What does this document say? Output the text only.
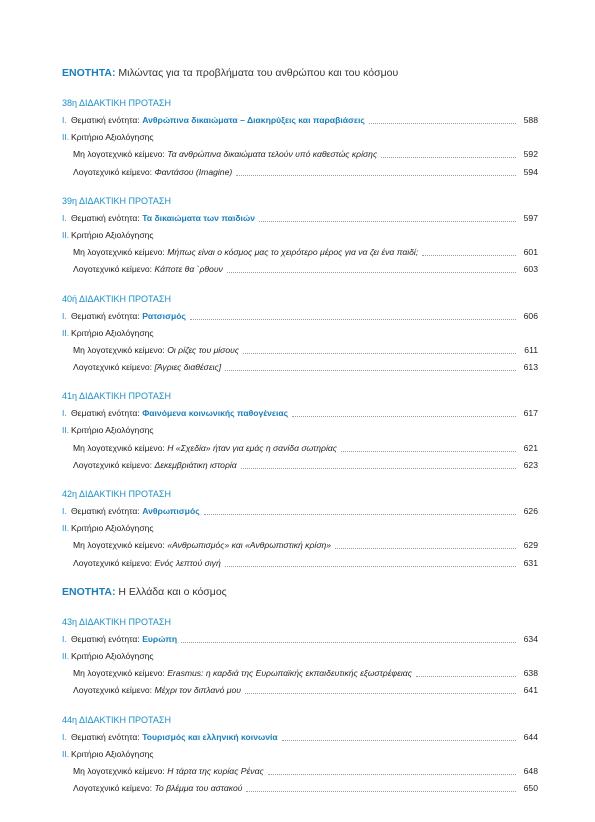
ΕΝΟΤΗΤΑ: Μιλώντας για τα προβλήματα του ανθρώπου και του κόσμου
38η ΔΙΔΑΚΤΙΚΗ ΠΡΟΤΑΣΗ
I. Θεματική ενότητα: Ανθρώπινα δικαιώματα – Διακηρύξεις και παραβιάσεις	588
II. Κριτήριο Αξιολόγησης
Μη λογοτεχνικό κείμενο: Τα ανθρώπινα δικαιώματα τελούν υπό καθεστώς κρίσης	592
Λογοτεχνικό κείμενο: Φαντάσου (Imagine)	594
39η ΔΙΔΑΚΤΙΚΗ ΠΡΟΤΑΣΗ
I. Θεματική ενότητα: Τα δικαιώματα των παιδιών	597
II. Κριτήριο Αξιολόγησης
Μη λογοτεχνικό κείμενο: Μήπως είναι ο κόσμος μας το χειρότερο μέρος για να ζει ένα παιδί;	601
Λογοτεχνικό κείμενο: Κάποτε θα `ρθουν	603
40ή ΔΙΔΑΚΤΙΚΗ ΠΡΟΤΑΣΗ
I. Θεματική ενότητα: Ρατσισμός	606
II. Κριτήριο Αξιολόγησης
Μη λογοτεχνικό κείμενο: Οι ρίζες του μίσους	611
Λογοτεχνικό κείμενο: [Άγριες διαθέσεις]	613
41η ΔΙΔΑΚΤΙΚΗ ΠΡΟΤΑΣΗ
I. Θεματική ενότητα: Φαινόμενα κοινωνικής παθογένειας	617
II. Κριτήριο Αξιολόγησης
Μη λογοτεχνικό κείμενο: Η «Σχεδία» ήταν για εμάς η σανίδα σωτηρίας	621
Λογοτεχνικό κείμενο: Δεκεμβριάτικη ιστορία	623
42η ΔΙΔΑΚΤΙΚΗ ΠΡΟΤΑΣΗ
I. Θεματική ενότητα: Ανθρωπισμός	626
II. Κριτήριο Αξιολόγησης
Μη λογοτεχνικό κείμενο: «Ανθρωπισμός» και «Ανθρωπιστική κρίση»	629
Λογοτεχνικό κείμενο: Ενός λεπτού σιγή	631
ΕΝΟΤΗΤΑ: Η Ελλάδα και ο κόσμος
43η ΔΙΔΑΚΤΙΚΗ ΠΡΟΤΑΣΗ
I. Θεματική ενότητα: Ευρώπη	634
II. Κριτήριο Αξιολόγησης
Μη λογοτεχνικό κείμενο: Erasmus: η καρδιά της Ευρωπαϊκής εκπαιδευτικής εξωστρέφειας	638
Λογοτεχνικό κείμενο: Μέχρι τον διπλανό μου	641
44η ΔΙΔΑΚΤΙΚΗ ΠΡΟΤΑΣΗ
I. Θεματική ενότητα: Τουρισμός και ελληνική κοινωνία	644
II. Κριτήριο Αξιολόγησης
Μη λογοτεχνικό κείμενο: Η τάρτα της κυρίας Ρένας	648
Λογοτεχνικό κείμενο: Το βλέμμα του αστακού	650
